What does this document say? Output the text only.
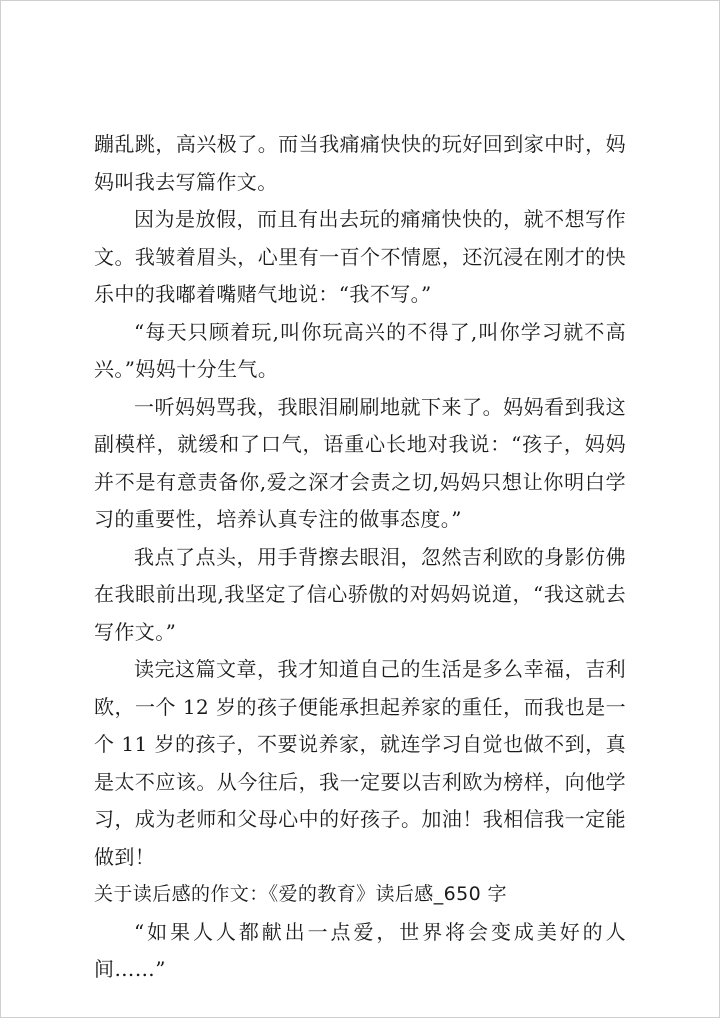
蹦乱跳，高兴极了。而当我痛痛快快的玩好回到家中时，妈妈叫我去写篇作文。

因为是放假，而且有出去玩的痛痛快快的，就不想写作文。我皱着眉头，心里有一百个不情愿，还沉浸在刚才的快乐中的我嘟着嘴赌气地说：“我不写。”

“每天只顾着玩,叫你玩高兴的不得了,叫你学习就不高兴。”妈妈十分生气。

一听妈妈骂我，我眼泪刷刷地就下来了。妈妈看到我这副模样，就缓和了口气，语重心长地对我说：“孩子，妈妈并不是有意责备你,爱之深才会责之切,妈妈只想让你明白学习的重要性，培养认真专注的做事态度。”

我点了点头，用手背擦去眼泪，忽然吉利欧的身影仿佛在我眼前出现,我坚定了信心骄傲的对妈妈说道，“我这就去写作文。”

读完这篇文章，我才知道自己的生活是多么幸福，吉利欧，一个 12 岁的孩子便能承担起养家的重任，而我也是一个 11 岁的孩子，不要说养家，就连学习自觉也做不到，真是太不应该。从今往后，我一定要以吉利欧为榜样，向他学习，成为老师和父母心中的好孩子。加油！我相信我一定能做到！

关于读后感的作文：《爱的教育》读后感_650 字

“如果人人都献出一点爱，世界将会变成美好的人间……”
